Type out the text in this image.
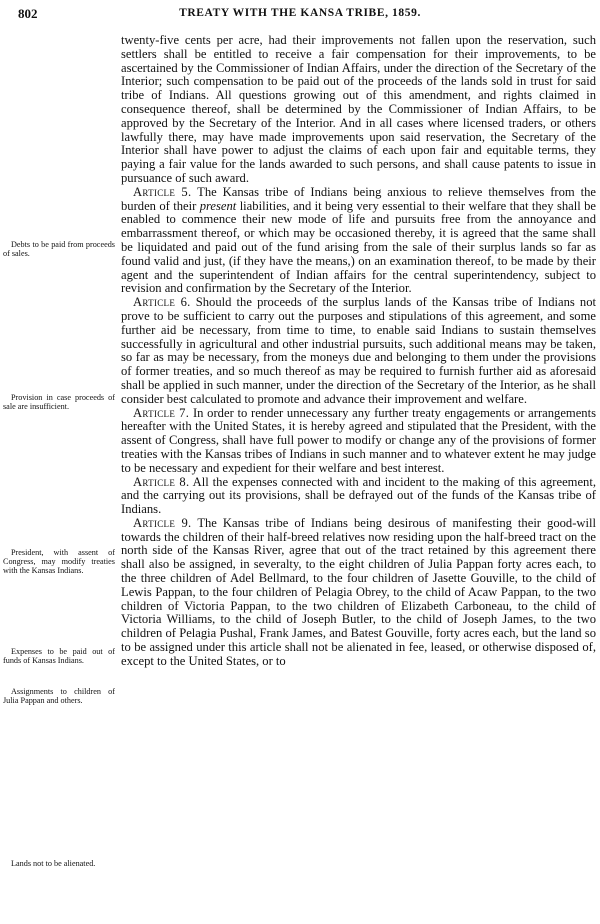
802	TREATY WITH THE KANSA TRIBE, 1859.
Debts to be paid from proceeds of sales.
Provision in case proceeds of sale are insufficient.
President, with assent of Congress, may modify treaties with the Kansas Indians.
Expenses to be paid out of funds of Kansas Indians.
Assignments to children of Julia Pappan and others.
Lands not to be alienated.

twenty-five cents per acre, had their improvements not fallen upon the reservation, such settlers shall be entitled to receive a fair compensation for their improvements, to be ascertained by the Commissioner of Indian Affairs, under the direction of the Secretary of the Interior; such compensation to be paid out of the proceeds of the lands sold in trust for said tribe of Indians. All questions growing out of this amendment, and rights claimed in consequence thereof, shall be determined by the Commissioner of Indian Affairs, to be approved by the Secretary of the Interior. And in all cases where licensed traders, or others lawfully there, may have made improvements upon said reservation, the Secretary of the Interior shall have power to adjust the claims of each upon fair and equitable terms, they paying a fair value for the lands awarded to such persons, and shall cause patents to issue in pursuance of such award.

Article 5. The Kansas tribe of Indians being anxious to relieve themselves from the burden of their present liabilities, and it being very essential to their welfare that they shall be enabled to commence their new mode of life and pursuits free from the annoyance and embarrassment thereof, or which may be occasioned thereby, it is agreed that the same shall be liquidated and paid out of the fund arising from the sale of their surplus lands so far as found valid and just, (if they have the means,) on an examination thereof, to be made by their agent and the superintendent of Indian affairs for the central superintendency, subject to revision and confirmation by the Secretary of the Interior.

Article 6. Should the proceeds of the surplus lands of the Kansas tribe of Indians not prove to be sufficient to carry out the purposes and stipulations of this agreement, and some further aid be necessary, from time to time, to enable said Indians to sustain themselves successfully in agricultural and other industrial pursuits, such additional means may be taken, so far as may be necessary, from the moneys due and belonging to them under the provisions of former treaties, and so much thereof as may be required to furnish further aid as aforesaid shall be applied in such manner, under the direction of the Secretary of the Interior, as he shall consider best calculated to promote and advance their improvement and welfare.

Article 7. In order to render unnecessary any further treaty engagements or arrangements hereafter with the United States, it is hereby agreed and stipulated that the President, with the assent of Congress, shall have full power to modify or change any of the provisions of former treaties with the Kansas tribes of Indians in such manner and to whatever extent he may judge to be necessary and expedient for their welfare and best interest.

Article 8. All the expenses connected with and incident to the making of this agreement, and the carrying out its provisions, shall be defrayed out of the funds of the Kansas tribe of Indians.

Article 9. The Kansas tribe of Indians being desirous of manifesting their good-will towards the children of their half-breed relatives now residing upon the half-breed tract on the north side of the Kansas River, agree that out of the tract retained by this agreement there shall also be assigned, in severalty, to the eight children of Julia Pappan forty acres each, to the three children of Adel Bellmard, to the four children of Jasette Gouville, to the child of Lewis Pappan, to the four children of Pelagia Obrey, to the child of Acaw Pappan, to the two children of Victoria Pappan, to the two children of Elizabeth Carboneau, to the child of Victoria Williams, to the child of Joseph Butler, to the child of Joseph James, to the two children of Pelagia Pushal, Frank James, and Batest Gouville, forty acres each, but the land so to be assigned under this article shall not be alienated in fee, leased, or otherwise disposed of, except to the United States, or to
